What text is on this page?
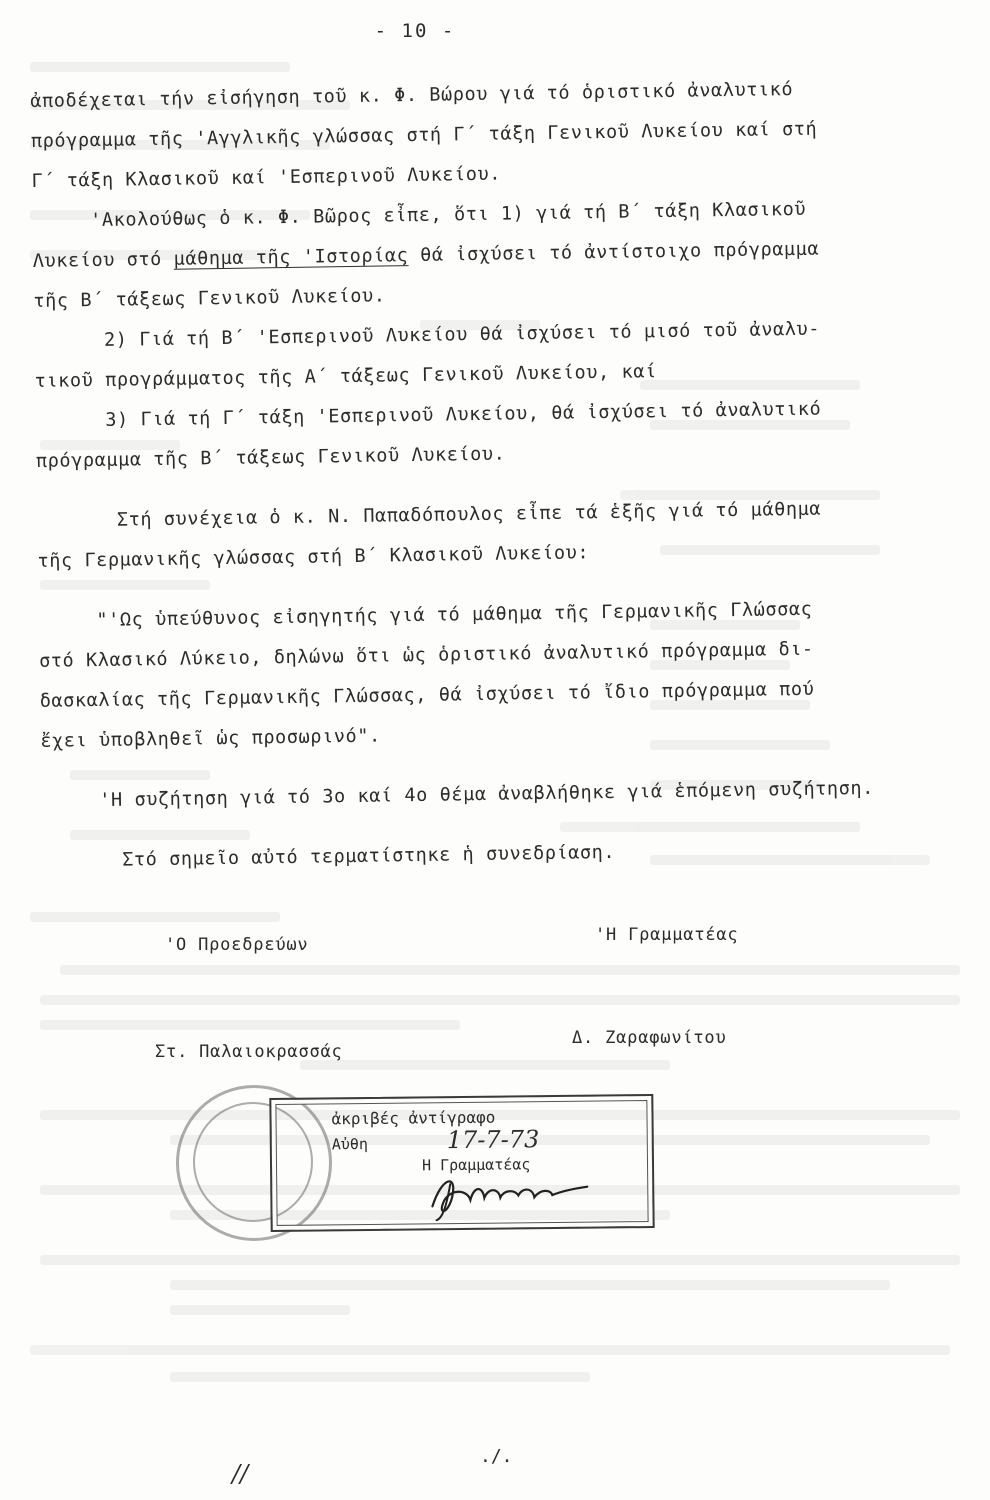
- 10 -
ἀποδέχεται τήν εἰσήγηση τοῦ κ. Φ. Βώρου γιά τό ὁριστικό ἀναλυτικό
πρόγραμμα τῆς 'Αγγλικῆς γλώσσας στή Γ΄ τάξη Γενικοῦ Λυκείου καί στή
Γ΄ τάξη Κλασικοῦ καί 'Εσπερινοῦ Λυκείου.
'Ακολούθως ὁ κ. Φ. Βῶρος εἶπε, ὅτι 1) γιά τή Β΄ τάξη Κλασικοῦ
Λυκείου στό μάθημα τῆς 'Ιστορίας θά ἰσχύσει τό ἀντίστοιχο πρόγραμμα
τῆς Β΄ τάξεως Γενικοῦ Λυκείου.
2) Γιά τή Β΄ 'Εσπερινοῦ Λυκείου θά ἰσχύσει τό μισό τοῦ ἀναλυ-
τικοῦ προγράμματος τῆς Α΄ τάξεως Γενικοῦ Λυκείου, καί
3) Γιά τή Γ΄ τάξη 'Εσπερινοῦ Λυκείου, θά ἰσχύσει τό ἀναλυτικό
πρόγραμμα τῆς Β΄ τάξεως Γενικοῦ Λυκείου.
Στή συνέχεια ὁ κ. Ν. Παπαδόπουλος εἶπε τά ἑξῆς γιά τό μάθημα
τῆς Γερμανικῆς γλώσσας στή Β΄ Κλασικοῦ Λυκείου:
"'Ως ὑπεύθυνος εἰσηγητής γιά τό μάθημα τῆς Γερμανικῆς Γλώσσας
στό Κλασικό Λύκειο, δηλώνω ὅτι ὡς ὁριστικό ἀναλυτικό πρόγραμμα δι-
δασκαλίας τῆς Γερμανικῆς Γλώσσας, θά ἰσχύσει τό ἴδιο πρόγραμμα πού
ἔχει ὑποβληθεῖ ὡς προσωρινό".
'Η συζήτηση γιά τό 3ο καί 4ο θέμα ἀναβλήθηκε γιά ἑπόμενη συζήτηση.
Στό σημεῖο αὐτό τερματίστηκε ἡ συνεδρίαση.
'Ο Προεδρεύων
Στ. Παλαιοκρασσάς
'Η Γραμματέας
Δ. Ζαραφωνίτου
ἀκριβές ἀντίγραφο
Αὐθη	17-7-73
Η Γραμματέας
./.
//
